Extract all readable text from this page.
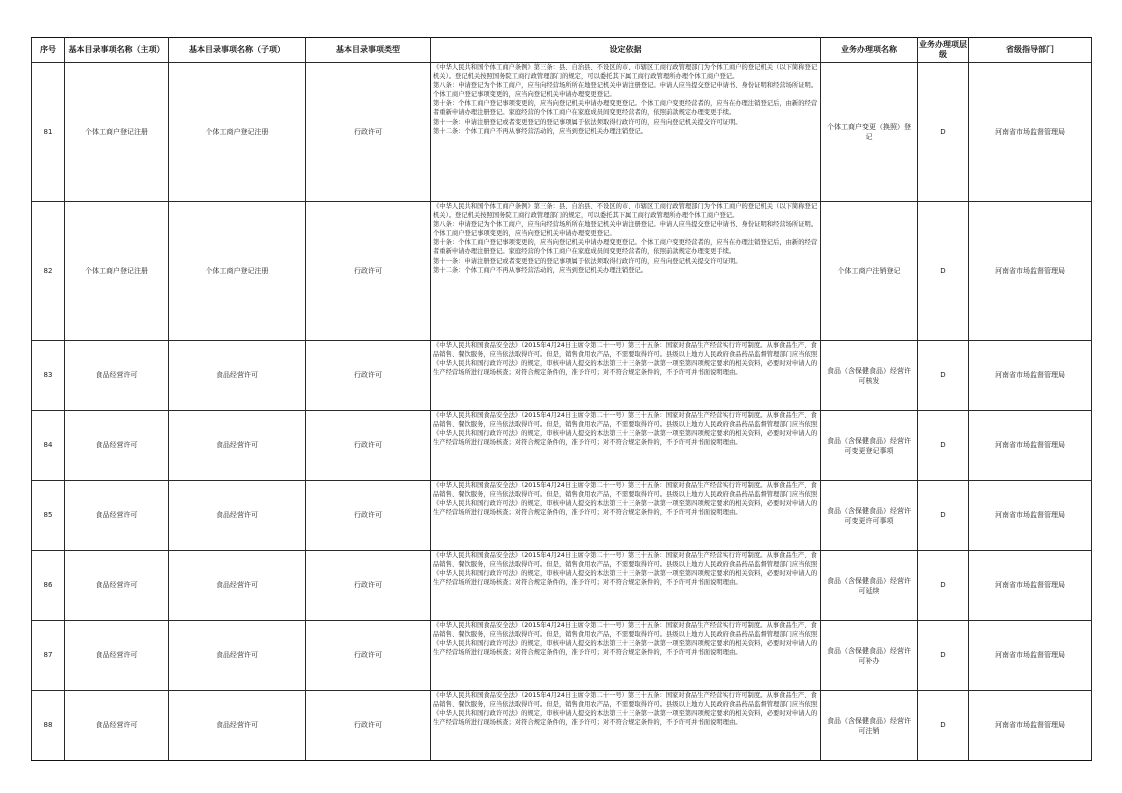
序号	基本目录事项名称（主项）	基本目录事项名称（子项）	基本目录事项类型	设定依据	业务办理项名称	业务办理项层级	省级指导部门
81	个体工商户登记注册	个体工商户登记注册	行政许可	《中华人民共和国个体工商户条例》第三条：县、自治县、不设区的市、市辖区工商行政管理部门为个体工商户的登记机关（以下简称登记机关）。登记机关按照国务院工商行政管理部门的规定，可以委托其下属工商行政管理所办理个体工商户登记。
第八条：申请登记为个体工商户，应当向经营场所所在地登记机关申请注册登记。申请人应当提交登记申请书、身份证明和经营场所证明。个体工商户登记事项变更的，应当向登记机关申请办理变更登记。
第十条：个体工商户登记事项变更的，应当向登记机关申请办理变更登记。个体工商户变更经营者的，应当在办理注销登记后，由新的经营者重新申请办理注册登记。家庭经营的个体工商户在家庭成员间变更经营者的，依照前款规定办理变更手续。
第十一条：申请注册登记或者变更登记的登记事项属于依法须取得行政许可的，应当向登记机关提交许可证明。
第十二条：个体工商户不再从事经营活动的，应当到登记机关办理注销登记。	个体工商户变更（换照）登记	D	河南省市场监督管理局
82	个体工商户登记注册	个体工商户登记注册	行政许可	《中华人民共和国个体工商户条例》第三条：县、自治县、不设区的市、市辖区工商行政管理部门为个体工商户的登记机关（以下简称登记机关）。登记机关按照国务院工商行政管理部门的规定，可以委托其下属工商行政管理所办理个体工商户登记。
第八条：申请登记为个体工商户，应当向经营场所所在地登记机关申请注册登记。申请人应当提交登记申请书、身份证明和经营场所证明。个体工商户登记事项变更的，应当向登记机关申请办理变更登记。
第十条：个体工商户登记事项变更的，应当向登记机关申请办理变更登记。个体工商户变更经营者的，应当在办理注销登记后，由新的经营者重新申请办理注册登记。家庭经营的个体工商户在家庭成员间变更经营者的，依照前款规定办理变更手续。
第十一条：申请注册登记或者变更登记的登记事项属于依法须取得行政许可的，应当向登记机关提交许可证明。
第十二条：个体工商户不再从事经营活动的，应当到登记机关办理注销登记。	个体工商户注销登记	D	河南省市场监督管理局
83	食品经营许可	食品经营许可	行政许可	《中华人民共和国食品安全法》（2015年4月24日主席令第二十一号）第三十五条：国家对食品生产经营实行许可制度。从事食品生产、食品销售、餐饮服务，应当依法取得许可。但是，销售食用农产品，不需要取得许可。县级以上地方人民政府食品药品监督管理部门应当依照《中华人民共和国行政许可法》的规定，审核申请人提交的本法第三十三条第一款第一项至第四项规定要求的相关资料，必要时对申请人的生产经营场所进行现场核查；对符合规定条件的，准予许可；对不符合规定条件的，不予许可并书面说明理由。	食品（含保健食品）经营许可核发	D	河南省市场监督管理局
84	食品经营许可	食品经营许可	行政许可	《中华人民共和国食品安全法》（2015年4月24日主席令第二十一号）第三十五条：国家对食品生产经营实行许可制度。从事食品生产、食品销售、餐饮服务，应当依法取得许可。但是，销售食用农产品，不需要取得许可。县级以上地方人民政府食品药品监督管理部门应当依照《中华人民共和国行政许可法》的规定，审核申请人提交的本法第三十三条第一款第一项至第四项规定要求的相关资料，必要时对申请人的生产经营场所进行现场核查；对符合规定条件的，准予许可；对不符合规定条件的，不予许可并书面说明理由。	食品（含保健食品）经营许可变更登记事项	D	河南省市场监督管理局
85	食品经营许可	食品经营许可	行政许可	《中华人民共和国食品安全法》（2015年4月24日主席令第二十一号）第三十五条：国家对食品生产经营实行许可制度。从事食品生产、食品销售、餐饮服务，应当依法取得许可。但是，销售食用农产品，不需要取得许可。县级以上地方人民政府食品药品监督管理部门应当依照《中华人民共和国行政许可法》的规定，审核申请人提交的本法第三十三条第一款第一项至第四项规定要求的相关资料，必要时对申请人的生产经营场所进行现场核查；对符合规定条件的，准予许可；对不符合规定条件的，不予许可并书面说明理由。	食品（含保健食品）经营许可变更许可事项	D	河南省市场监督管理局
86	食品经营许可	食品经营许可	行政许可	《中华人民共和国食品安全法》（2015年4月24日主席令第二十一号）第三十五条：国家对食品生产经营实行许可制度。从事食品生产、食品销售、餐饮服务，应当依法取得许可。但是，销售食用农产品，不需要取得许可。县级以上地方人民政府食品药品监督管理部门应当依照《中华人民共和国行政许可法》的规定，审核申请人提交的本法第三十三条第一款第一项至第四项规定要求的相关资料，必要时对申请人的生产经营场所进行现场核查；对符合规定条件的，准予许可；对不符合规定条件的，不予许可并书面说明理由。	食品（含保健食品）经营许可延续	D	河南省市场监督管理局
87	食品经营许可	食品经营许可	行政许可	《中华人民共和国食品安全法》（2015年4月24日主席令第二十一号）第三十五条：国家对食品生产经营实行许可制度。从事食品生产、食品销售、餐饮服务，应当依法取得许可。但是，销售食用农产品，不需要取得许可。县级以上地方人民政府食品药品监督管理部门应当依照《中华人民共和国行政许可法》的规定，审核申请人提交的本法第三十三条第一款第一项至第四项规定要求的相关资料，必要时对申请人的生产经营场所进行现场核查；对符合规定条件的，准予许可；对不符合规定条件的，不予许可并书面说明理由。	食品（含保健食品）经营许可补办	D	河南省市场监督管理局
88	食品经营许可	食品经营许可	行政许可	《中华人民共和国食品安全法》（2015年4月24日主席令第二十一号）第三十五条：国家对食品生产经营实行许可制度。从事食品生产、食品销售、餐饮服务，应当依法取得许可。但是，销售食用农产品，不需要取得许可。县级以上地方人民政府食品药品监督管理部门应当依照《中华人民共和国行政许可法》的规定，审核申请人提交的本法第三十三条第一款第一项至第四项规定要求的相关资料，必要时对申请人的生产经营场所进行现场核查；对符合规定条件的，准予许可；对不符合规定条件的，不予许可并书面说明理由。	食品（含保健食品）经营许可注销	D	河南省市场监督管理局
